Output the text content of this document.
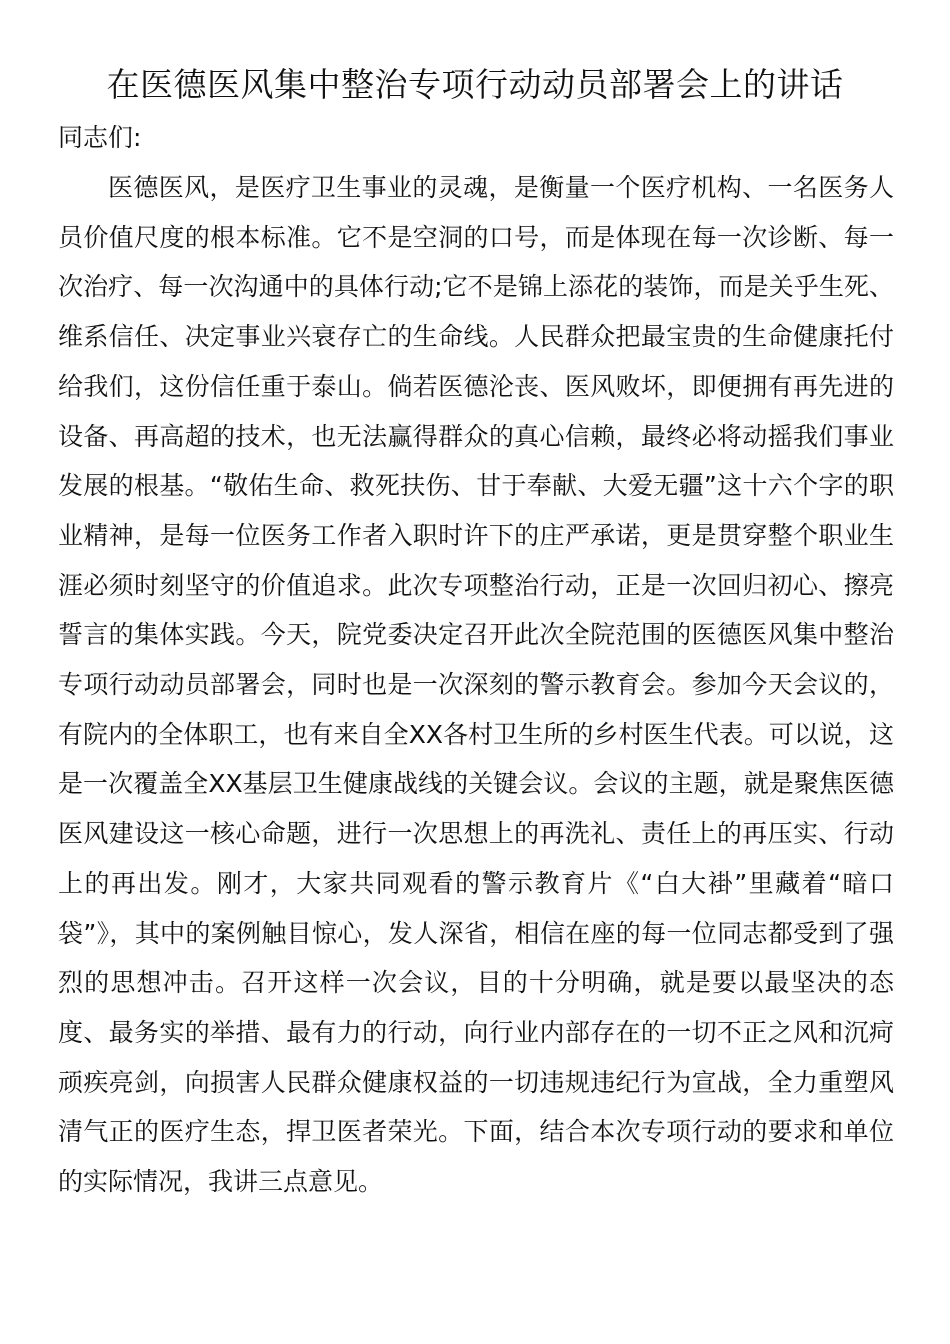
在医德医风集中整治专项行动动员部署会上的讲话

同志们:

医德医风，是医疗卫生事业的灵魂，是衡量一个医疗机构、一名医务人员价值尺度的根本标准。它不是空洞的口号，而是体现在每一次诊断、每一次治疗、每一次沟通中的具体行动;它不是锦上添花的装饰，而是关乎生死、维系信任、决定事业兴衰存亡的生命线。人民群众把最宝贵的生命健康托付给我们，这份信任重于泰山。倘若医德沦丧、医风败坏，即便拥有再先进的设备、再高超的技术，也无法赢得群众的真心信赖，最终必将动摇我们事业发展的根基。“敬佑生命、救死扶伤、甘于奉献、大爱无疆”这十六个字的职业精神，是每一位医务工作者入职时许下的庄严承诺，更是贯穿整个职业生涯必须时刻坚守的价值追求。此次专项整治行动，正是一次回归初心、擦亮誓言的集体实践。今天，院党委决定召开此次全院范围的医德医风集中整治专项行动动员部署会，同时也是一次深刻的警示教育会。参加今天会议的，有院内的全体职工，也有来自全XX各村卫生所的乡村医生代表。可以说，这是一次覆盖全XX基层卫生健康战线的关键会议。会议的主题，就是聚焦医德医风建设这一核心命题，进行一次思想上的再洗礼、责任上的再压实、行动上的再出发。刚才，大家共同观看的警示教育片《“白大褂”里藏着“暗口袋”》，其中的案例触目惊心，发人深省，相信在座的每一位同志都受到了强烈的思想冲击。召开这样一次会议，目的十分明确，就是要以最坚决的态度、最务实的举措、最有力的行动，向行业内部存在的一切不正之风和沉疴顽疾亮剑，向损害人民群众健康权益的一切违规违纪行为宣战，全力重塑风清气正的医疗生态，捍卫医者荣光。下面，结合本次专项行动的要求和单位的实际情况，我讲三点意见。
